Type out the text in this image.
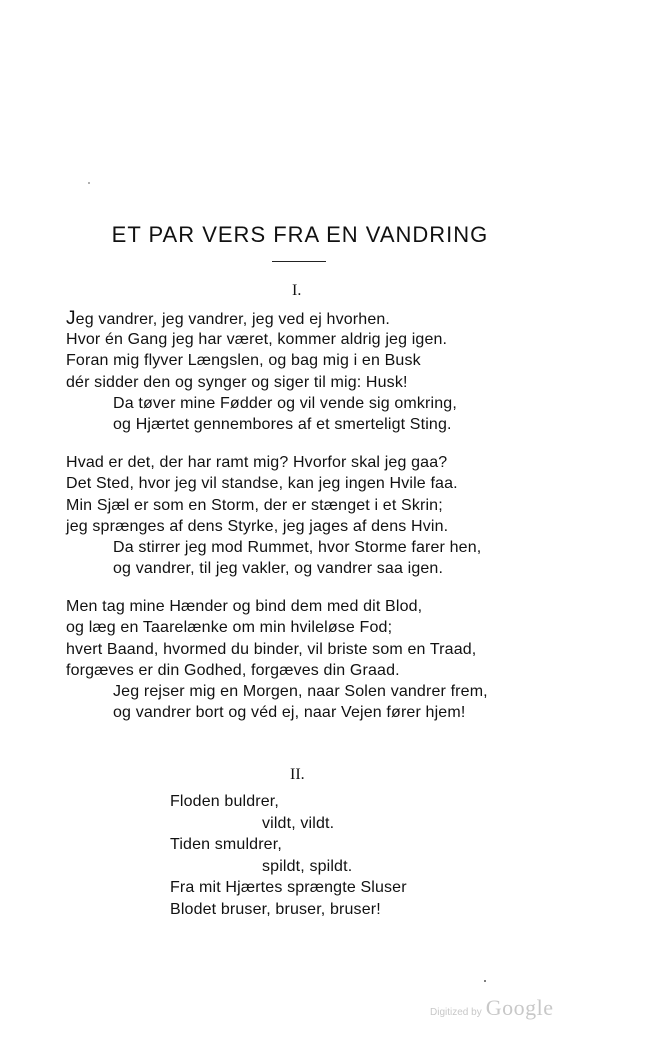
ET PAR VERS FRA EN VANDRING
I.
Jeg vandrer, jeg vandrer, jeg ved ej hvorhen.
Hvor én Gang jeg har været, kommer aldrig jeg igen.
Foran mig flyver Længslen, og bag mig i en Busk
dér sidder den og synger og siger til mig: Husk!
Da tøver mine Fødder og vil vende sig omkring,
og Hjærtet gennembores af et smerteligt Sting.
Hvad er det, der har ramt mig? Hvorfor skal jeg gaa?
Det Sted, hvor jeg vil standse, kan jeg ingen Hvile faa.
Min Sjæl er som en Storm, der er stænget i et Skrin;
jeg sprænges af dens Styrke, jeg jages af dens Hvin.
Da stirrer jeg mod Rummet, hvor Storme farer hen,
og vandrer, til jeg vakler, og vandrer saa igen.
Men tag mine Hænder og bind dem med dit Blod,
og læg en Taarelænke om min hvileløse Fod;
hvert Baand, hvormed du binder, vil briste som en Traad,
forgæves er din Godhed, forgæves din Graad.
Jeg rejser mig en Morgen, naar Solen vandrer frem,
og vandrer bort og véd ej, naar Vejen fører hjem!
II.
Floden buldrer,
vildt, vildt.
Tiden smuldrer,
spildt, spildt.
Fra mit Hjærtes sprængte Sluser
Blodet bruser, bruser, bruser!
Digitized by Google
